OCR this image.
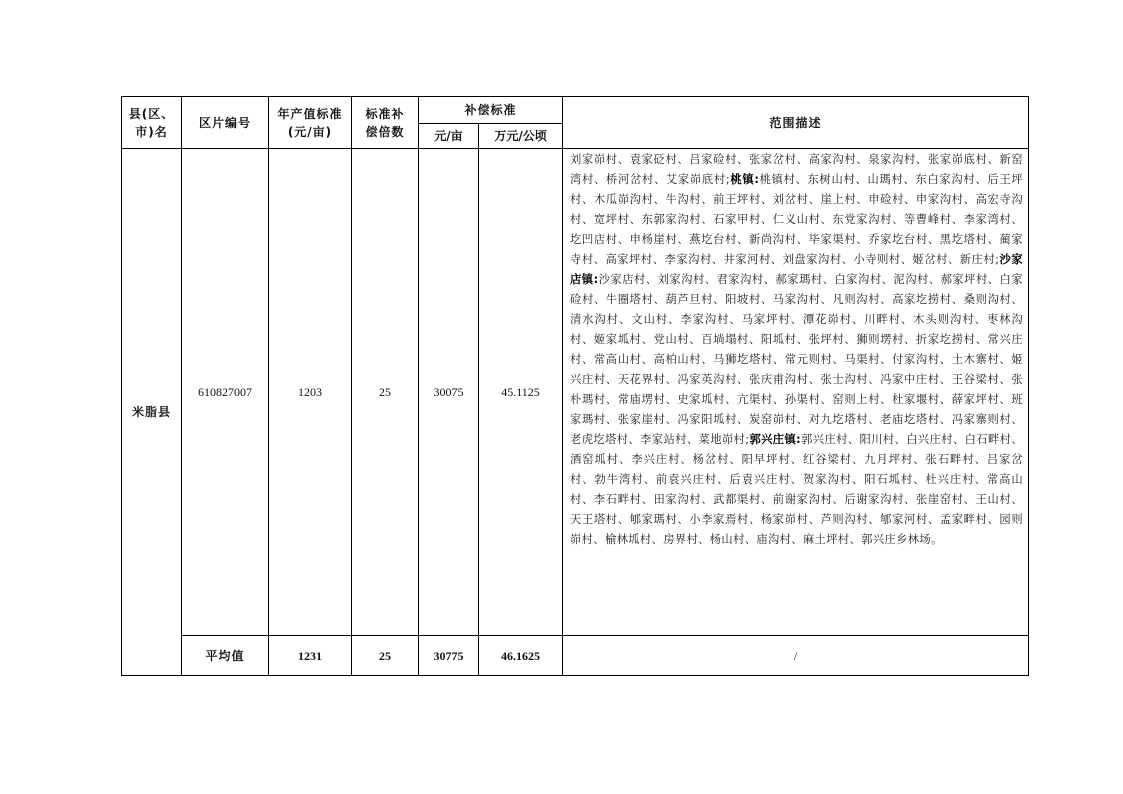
县(区、市)名	区片编号	年产值标准(元/亩)	标准补偿倍数	补偿标准		范围描述
				元/亩	万元/公顷	
米脂县	610827007	1203	25	30075	45.1125	刘家峁村、袁家砭村、吕家硷村、张家岔村、高家沟村、泉家沟村、张家峁底村、新窑湾村、桥河岔村、艾家峁底村;桃镇:桃镇村、东树山村、山瑪村、东白家沟村、后王坪村、木瓜峁沟村、牛沟村、前王坪村、刘岔村、崖上村、申硷村、申家沟村、高宏寺沟村、宽坪村、东郭家沟村、石家甲村、仁义山村、东党家沟村、等曹峰村、李家湾村、圪凹店村、申杨崖村、燕圪台村、新尚沟村、毕家渠村、乔家圪台村、黑圪塔村、蔺家寺村、高家坪村、李家沟村、井家河村、刘盘家沟村、小寺则村、姬岔村、新庄村;沙家店镇:沙家店村、刘家沟村、君家沟村、郝家瑪村、白家沟村、泥沟村、郝家坪村、白家硷村、牛圈塔村、葫芦旦村、阳坡村、马家沟村、凡则沟村、高家圪捞村、桑则沟村、清水沟村、文山村、李家沟村、马家坪村、潭花峁村、川畔村、木头则沟村、枣林沟村、姬家坬村、党山村、百埫塌村、阳坬村、张坪村、狮则塄村、折家圪捞村、常兴庄村、常高山村、高柏山村、马狮圪塔村、常元则村、马渠村、付家沟村、土木寨村、姬兴庄村、天花界村、冯家英沟村、张庆甫沟村、张士沟村、冯家中庄村、王谷梁村、张朴瑪村、常庙塄村、史家坬村、亢渠村、孙渠村、窑则上村、杜家堰村、薛家坪村、班家瑪村、张家崖村、冯家阳坬村、炭窑峁村、对九圪塔村、老庙圪塔村、冯家寨则村、老虎圪塔村、李家站村、菜地峁村;郭兴庄镇:郭兴庄村、阳川村、白兴庄村、白石畔村、酒窑坬村、李兴庄村、杨岔村、阳早坪村、红谷梁村、九月坪村、张石畔村、吕家岔村、勃牛湾村、前袁兴庄村、后袁兴庄村、贺家沟村、阳石坬村、杜兴庄村、常高山村、李石畔村、田家沟村、武都渠村、前谢家沟村、后谢家沟村、张崖窑村、王山村、天王塔村、郇家瑪村、小李家焉村、杨家峁村、芦则沟村、郇家河村、孟家畔村、园则峁村、榆林坬村、房界村、杨山村、庙沟村、麻土坪村、郭兴庄乡林场。
	平均值	1231	25	30775	46.1625	/
